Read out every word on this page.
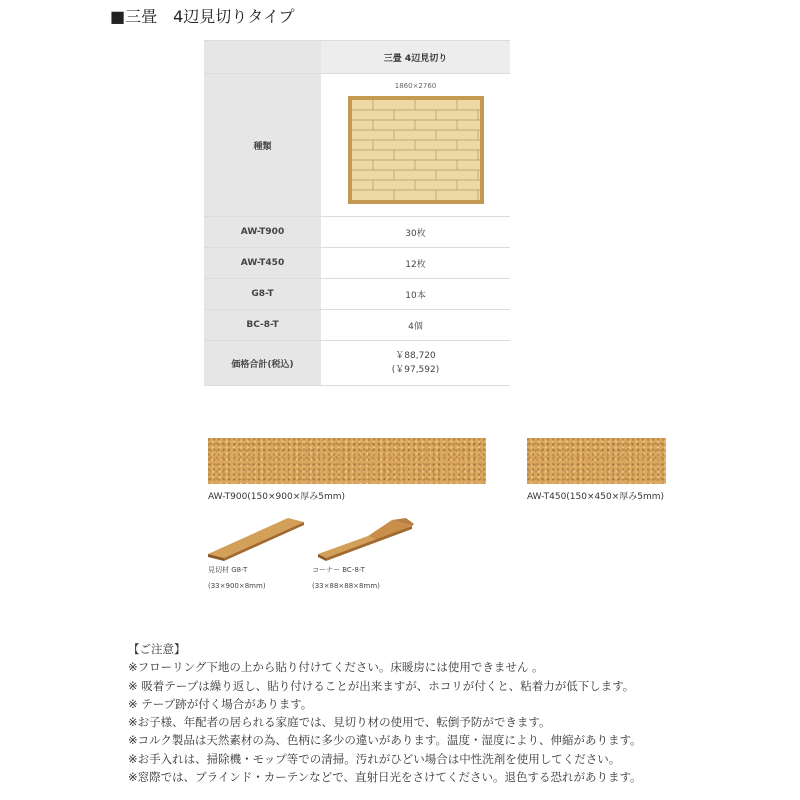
■三畳　4辺見切りタイプ
	三畳 4辺見切り
種類	1860×2760

AW-T900	30枚
AW-T450	12枚
G8-T	10本
BC-8-T	4個
価格合計(税込)	￥88,720
(￥97,592)
AW-T900(150×900×厚み5mm)	AW-T450(150×450×厚み5mm)
見切材 G8-T
(33×900×8mm)
コーナー BC-8-T
(33×88×88×8mm)
【ご注意】
※フローリング下地の上から貼り付けてください。床暖房には使用できません 。
※ 吸着テープは繰り返し、貼り付けることが出来ますが、ホコリが付くと、粘着力が低下します。
※ テープ跡が付く場合があります。
※お子様、年配者の居られる家庭では、見切り材の使用で、転倒予防ができます。
※コルク製品は天然素材の為、色柄に多少の違いがあります。温度・湿度により、伸縮があります。
※お手入れは、掃除機・モップ等での清掃。汚れがひどい場合は中性洗剤を使用してください。
※窓際では、ブラインド・カーテンなどで、直射日光をさけてください。退色する恐れがあります。
